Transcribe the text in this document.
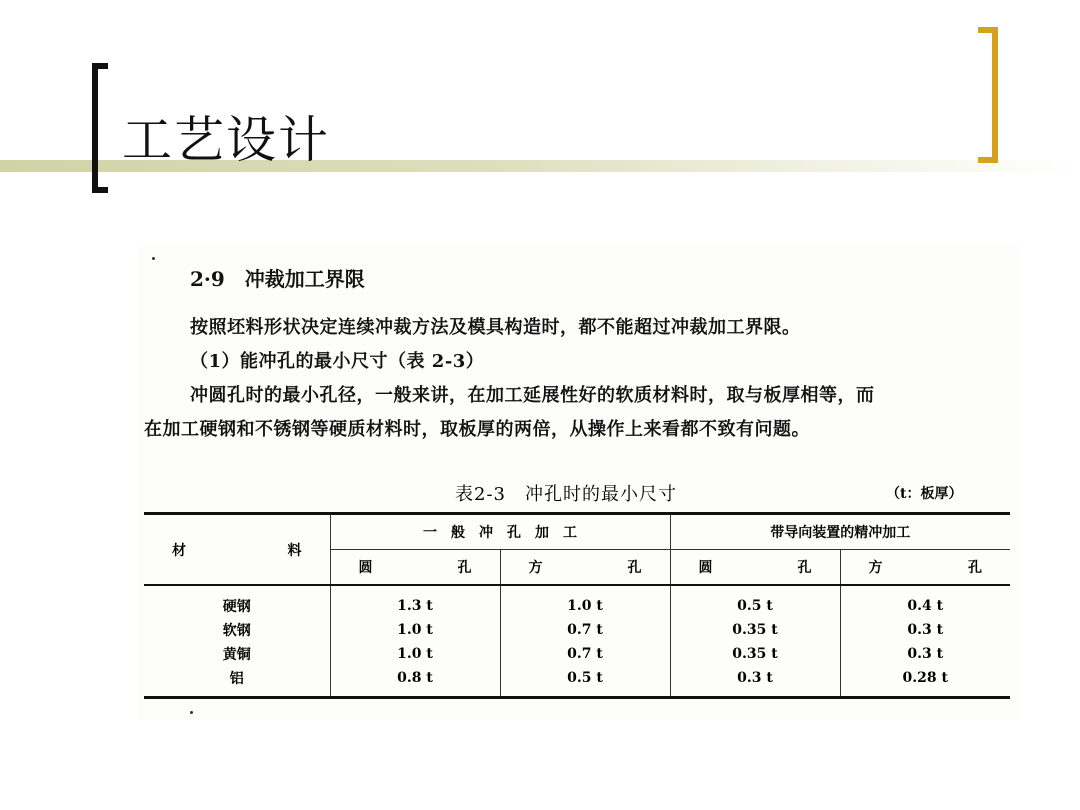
工艺设计
2·9　冲裁加工界限
按照坯料形状决定连续冲裁方法及模具构造时，都不能超过冲裁加工界限。
（1）能冲孔的最小尺寸（表 2-3）
冲圆孔时的最小孔径，一般来讲，在加工延展性好的软质材料时，取与板厚相等，而
在加工硬钢和不锈钢等硬质材料时，取板厚的两倍，从操作上来看都不致有问题。
表2-3　冲孔时的最小尺寸	（t：板厚）
材 料	一　般　冲　孔　加　工		带导向装置的精冲加工	

	圆 孔	方 孔	圆 孔	方 孔

硬钢	1.3 t	1.0 t	0.5 t	0.4 t
软钢	1.0 t	0.7 t	0.35 t	0.3 t
黄铜	1.0 t	0.7 t	0.35 t	0.3 t
铝	0.8 t	0.5 t	0.3 t	0.28 t
